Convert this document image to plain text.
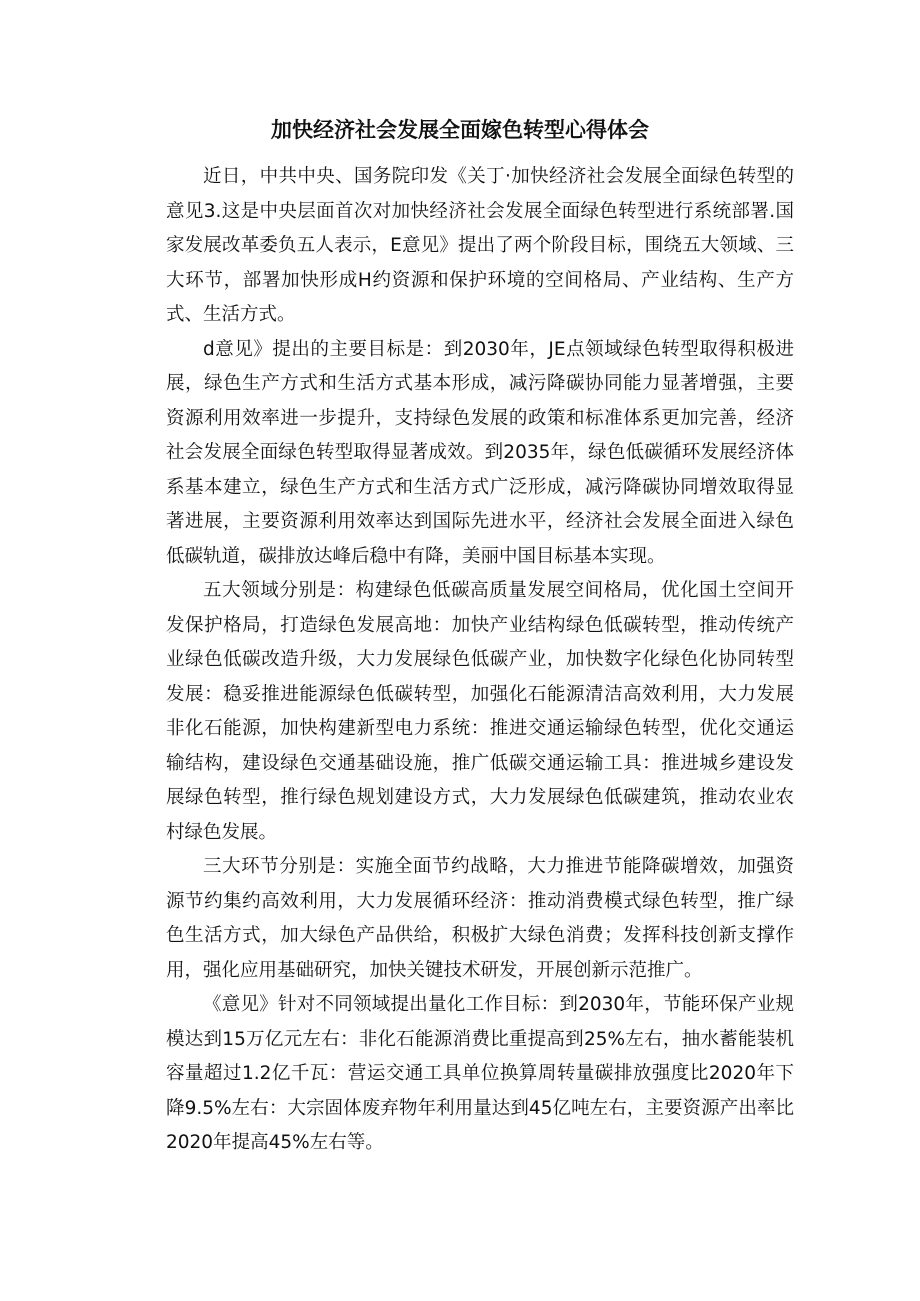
加快经济社会发展全面嫁色转型心得体会

近日，中共中央、国务院印发《关丁·加快经济社会发展全面绿色转型的意见3.这是中央层面首次对加快经济社会发展全面绿色转型进行系统部署.国家发展改革委负五人表示，E意见》提出了两个阶段目标，围绕五大领域、三大环节，部署加快形成H约资源和保护环境的空间格局、产业结构、生产方式、生活方式。

d意见》提出的主要目标是：到2030年，JE点领域绿色转型取得积极进展，绿色生产方式和生活方式基本形成，减污降碳协同能力显著增强，主要资源利用效率进一步提升，支持绿色发展的政策和标准体系更加完善，经济社会发展全面绿色转型取得显著成效。到2035年，绿色低碳循环发展经济体系基本建立，绿色生产方式和生活方式广泛形成，减污降碳协同增效取得显著进展，主要资源利用效率达到国际先进水平，经济社会发展全面进入绿色低碳轨道，碳排放达峰后稳中有降，美丽中国目标基本实现。

五大领域分别是：构建绿色低碳高质量发展空间格局，优化国土空间开发保护格局，打造绿色发展高地：加快产业结构绿色低碳转型，推动传统产业绿色低碳改造升级，大力发展绿色低碳产业，加快数字化绿色化协同转型发展：稳妥推进能源绿色低碳转型，加强化石能源清洁高效利用，大力发展非化石能源，加快构建新型电力系统：推进交通运输绿色转型，优化交通运输结构，建设绿色交通基础设施，推广低碳交通运输工具：推进城乡建设发展绿色转型，推行绿色规划建设方式，大力发展绿色低碳建筑，推动农业农村绿色发展。

三大环节分别是：实施全面节约战略，大力推进节能降碳增效，加强资源节约集约高效利用，大力发展循环经济：推动消费模式绿色转型，推广绿色生活方式，加大绿色产品供给，积极扩大绿色消费；发挥科技创新支撑作用，强化应用基础研究，加快关键技术研发，开展创新示范推广。

《意见》针对不同领域提出量化工作目标：到2030年，节能环保产业规模达到15万亿元左右：非化石能源消费比重提高到25%左右，抽水蓄能装机容量超过1.2亿千瓦：营运交通工具单位换算周转量碳排放强度比2020年下降9.5%左右：大宗固体废弃物年利用量达到45亿吨左右，主要资源产出率比2020年提高45%左右等。
